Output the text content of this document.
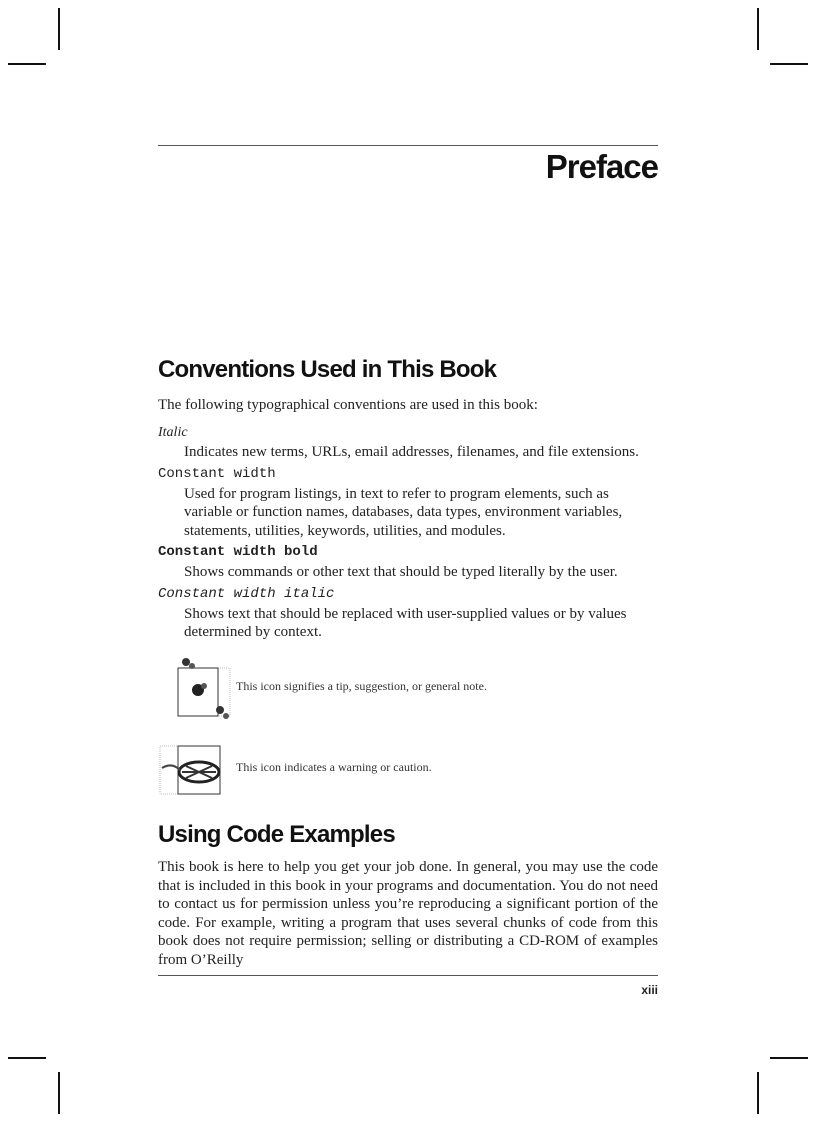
Preface
Conventions Used in This Book

The following typographical conventions are used in this book:

Italic
Indicates new terms, URLs, email addresses, filenames, and file extensions.
Constant width
Used for program listings, in text to refer to program elements, such as variable or function names, databases, data types, environment variables, statements, utilities, keywords, utilities, and modules.
Constant width bold
Shows commands or other text that should be typed literally by the user.
Constant width italic
Shows text that should be replaced with user-supplied values or by values determined by context.

This icon signifies a tip, suggestion, or general note.

This icon indicates a warning or caution.

Using Code Examples

This book is here to help you get your job done. In general, you may use the code that is included in this book in your programs and documentation. You do not need to contact us for permission unless you’re reproducing a significant portion of the code. For example, writing a program that uses several chunks of code from this book does not require permission; selling or distributing a CD-ROM of examples from O’Reilly

xiii
